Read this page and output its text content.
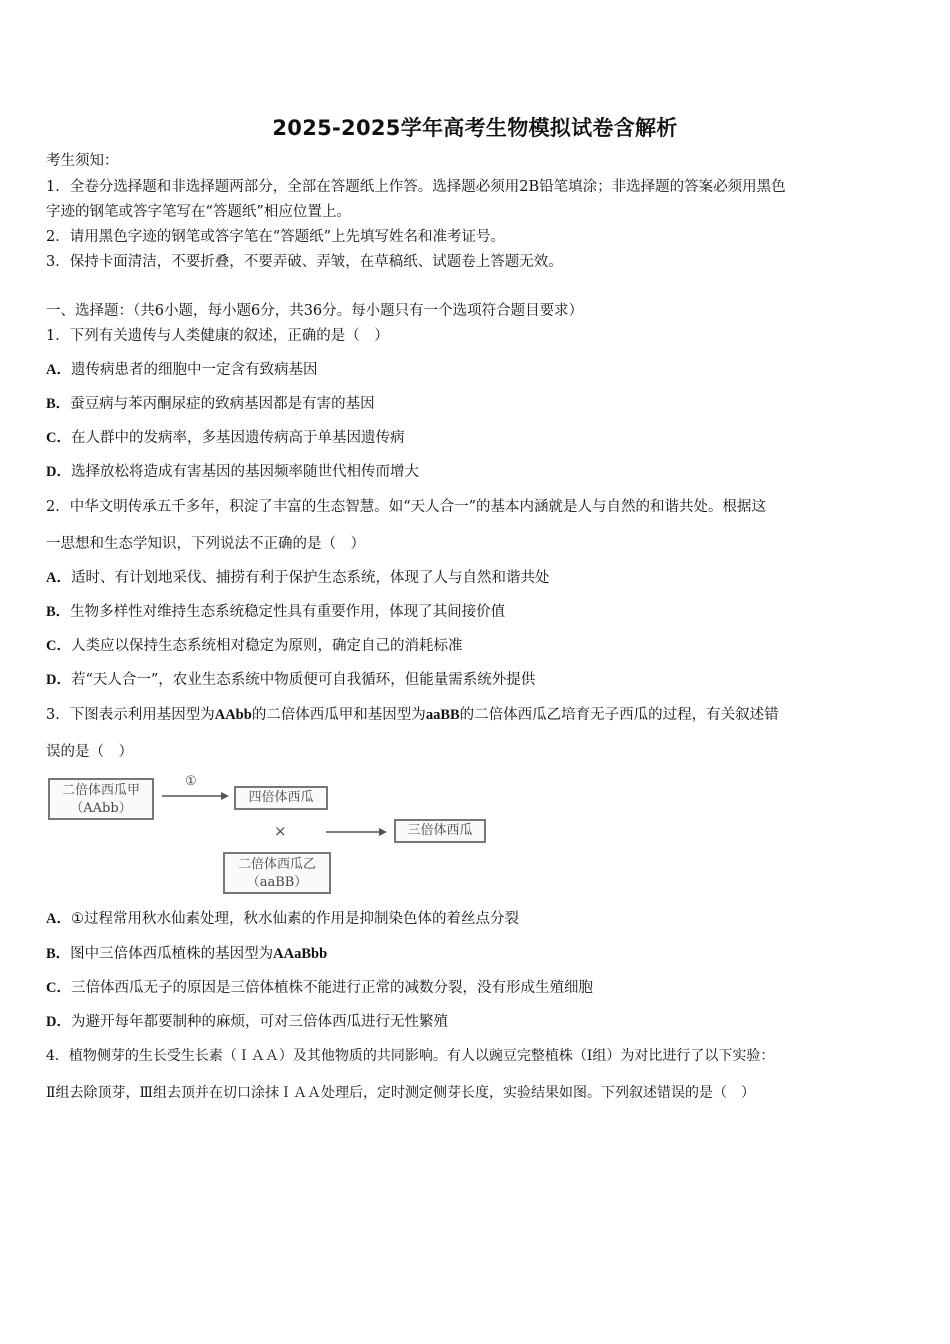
2025-2025学年高考生物模拟试卷含解析
考生须知：
1．全卷分选择题和非选择题两部分，全部在答题纸上作答。选择题必须用2B铅笔填涂；非选择题的答案必须用黑色
字迹的钢笔或答字笔写在“答题纸”相应位置上。
2．请用黑色字迹的钢笔或答字笔在“答题纸”上先填写姓名和准考证号。
3．保持卡面清洁，不要折叠，不要弄破、弄皱，在草稿纸、试题卷上答题无效。
一、选择题：（共6小题，每小题6分，共36分。每小题只有一个选项符合题目要求）
1．下列有关遗传与人类健康的叙述，正确的是（　）
A．遗传病患者的细胞中一定含有致病基因
B．蚕豆病与苯丙酮尿症的致病基因都是有害的基因
C．在人群中的发病率，多基因遗传病高于单基因遗传病
D．选择放松将造成有害基因的基因频率随世代相传而增大
2．中华文明传承五千多年，积淀了丰富的生态智慧。如“天人合一”的基本内涵就是人与自然的和谐共处。根据这
一思想和生态学知识，下列说法不正确的是（　）
A．适时、有计划地采伐、捕捞有利于保护生态系统，体现了人与自然和谐共处
B．生物多样性对维持生态系统稳定性具有重要作用，体现了其间接价值
C．人类应以保持生态系统相对稳定为原则，确定自己的消耗标准
D．若“天人合一”，农业生态系统中物质便可自我循环，但能量需系统外提供
3．下图表示利用基因型为AAbb的二倍体西瓜甲和基因型为aaBB的二倍体西瓜乙培育无子西瓜的过程，有关叙述错
误的是（　）
二倍体西瓜甲
（AAbb）
①
四倍体西瓜
×	三倍体西瓜
二倍体西瓜乙
（aaBB）
A．①过程常用秋水仙素处理，秋水仙素的作用是抑制染色体的着丝点分裂
B．图中三倍体西瓜植株的基因型为AAaBbb
C．三倍体西瓜无子的原因是三倍体植株不能进行正常的减数分裂，没有形成生殖细胞
D．为避开每年都要制种的麻烦，可对三倍体西瓜进行无性繁殖
4．植物侧芽的生长受生长素（ＩＡＡ）及其他物质的共同影响。有人以豌豆完整植株（Ⅰ组）为对比进行了以下实验：
Ⅱ组去除顶芽，Ⅲ组去顶并在切口涂抹ＩＡＡ处理后，定时测定侧芽长度，实验结果如图。下列叙述错误的是（　）
